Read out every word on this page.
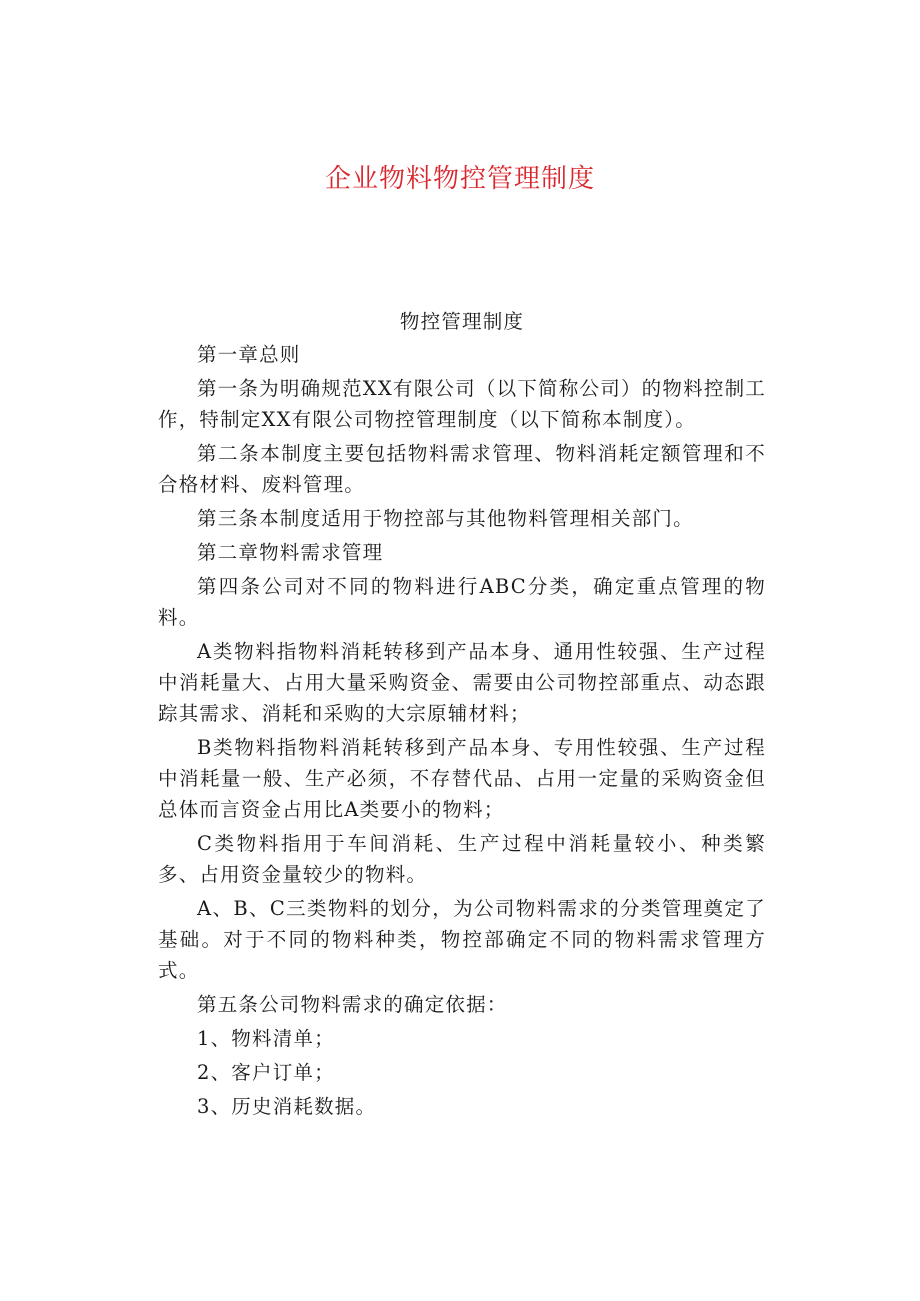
企业物料物控管理制度

物控管理制度

第一章总则

第一条为明确规范XX有限公司（以下简称公司）的物料控制工作，特制定XX有限公司物控管理制度（以下简称本制度）。

第二条本制度主要包括物料需求管理、物料消耗定额管理和不合格材料、废料管理。

第三条本制度适用于物控部与其他物料管理相关部门。

第二章物料需求管理

第四条公司对不同的物料进行ABC分类，确定重点管理的物料。

A类物料指物料消耗转移到产品本身、通用性较强、生产过程中消耗量大、占用大量采购资金、需要由公司物控部重点、动态跟踪其需求、消耗和采购的大宗原辅材料；

B类物料指物料消耗转移到产品本身、专用性较强、生产过程中消耗量一般、生产必须，不存替代品、占用一定量的采购资金但总体而言资金占用比A类要小的物料；

C类物料指用于车间消耗、生产过程中消耗量较小、种类繁多、占用资金量较少的物料。

A、B、C三类物料的划分，为公司物料需求的分类管理奠定了基础。对于不同的物料种类，物控部确定不同的物料需求管理方式。

第五条公司物料需求的确定依据：

1、物料清单；

2、客户订单；

3、历史消耗数据。
